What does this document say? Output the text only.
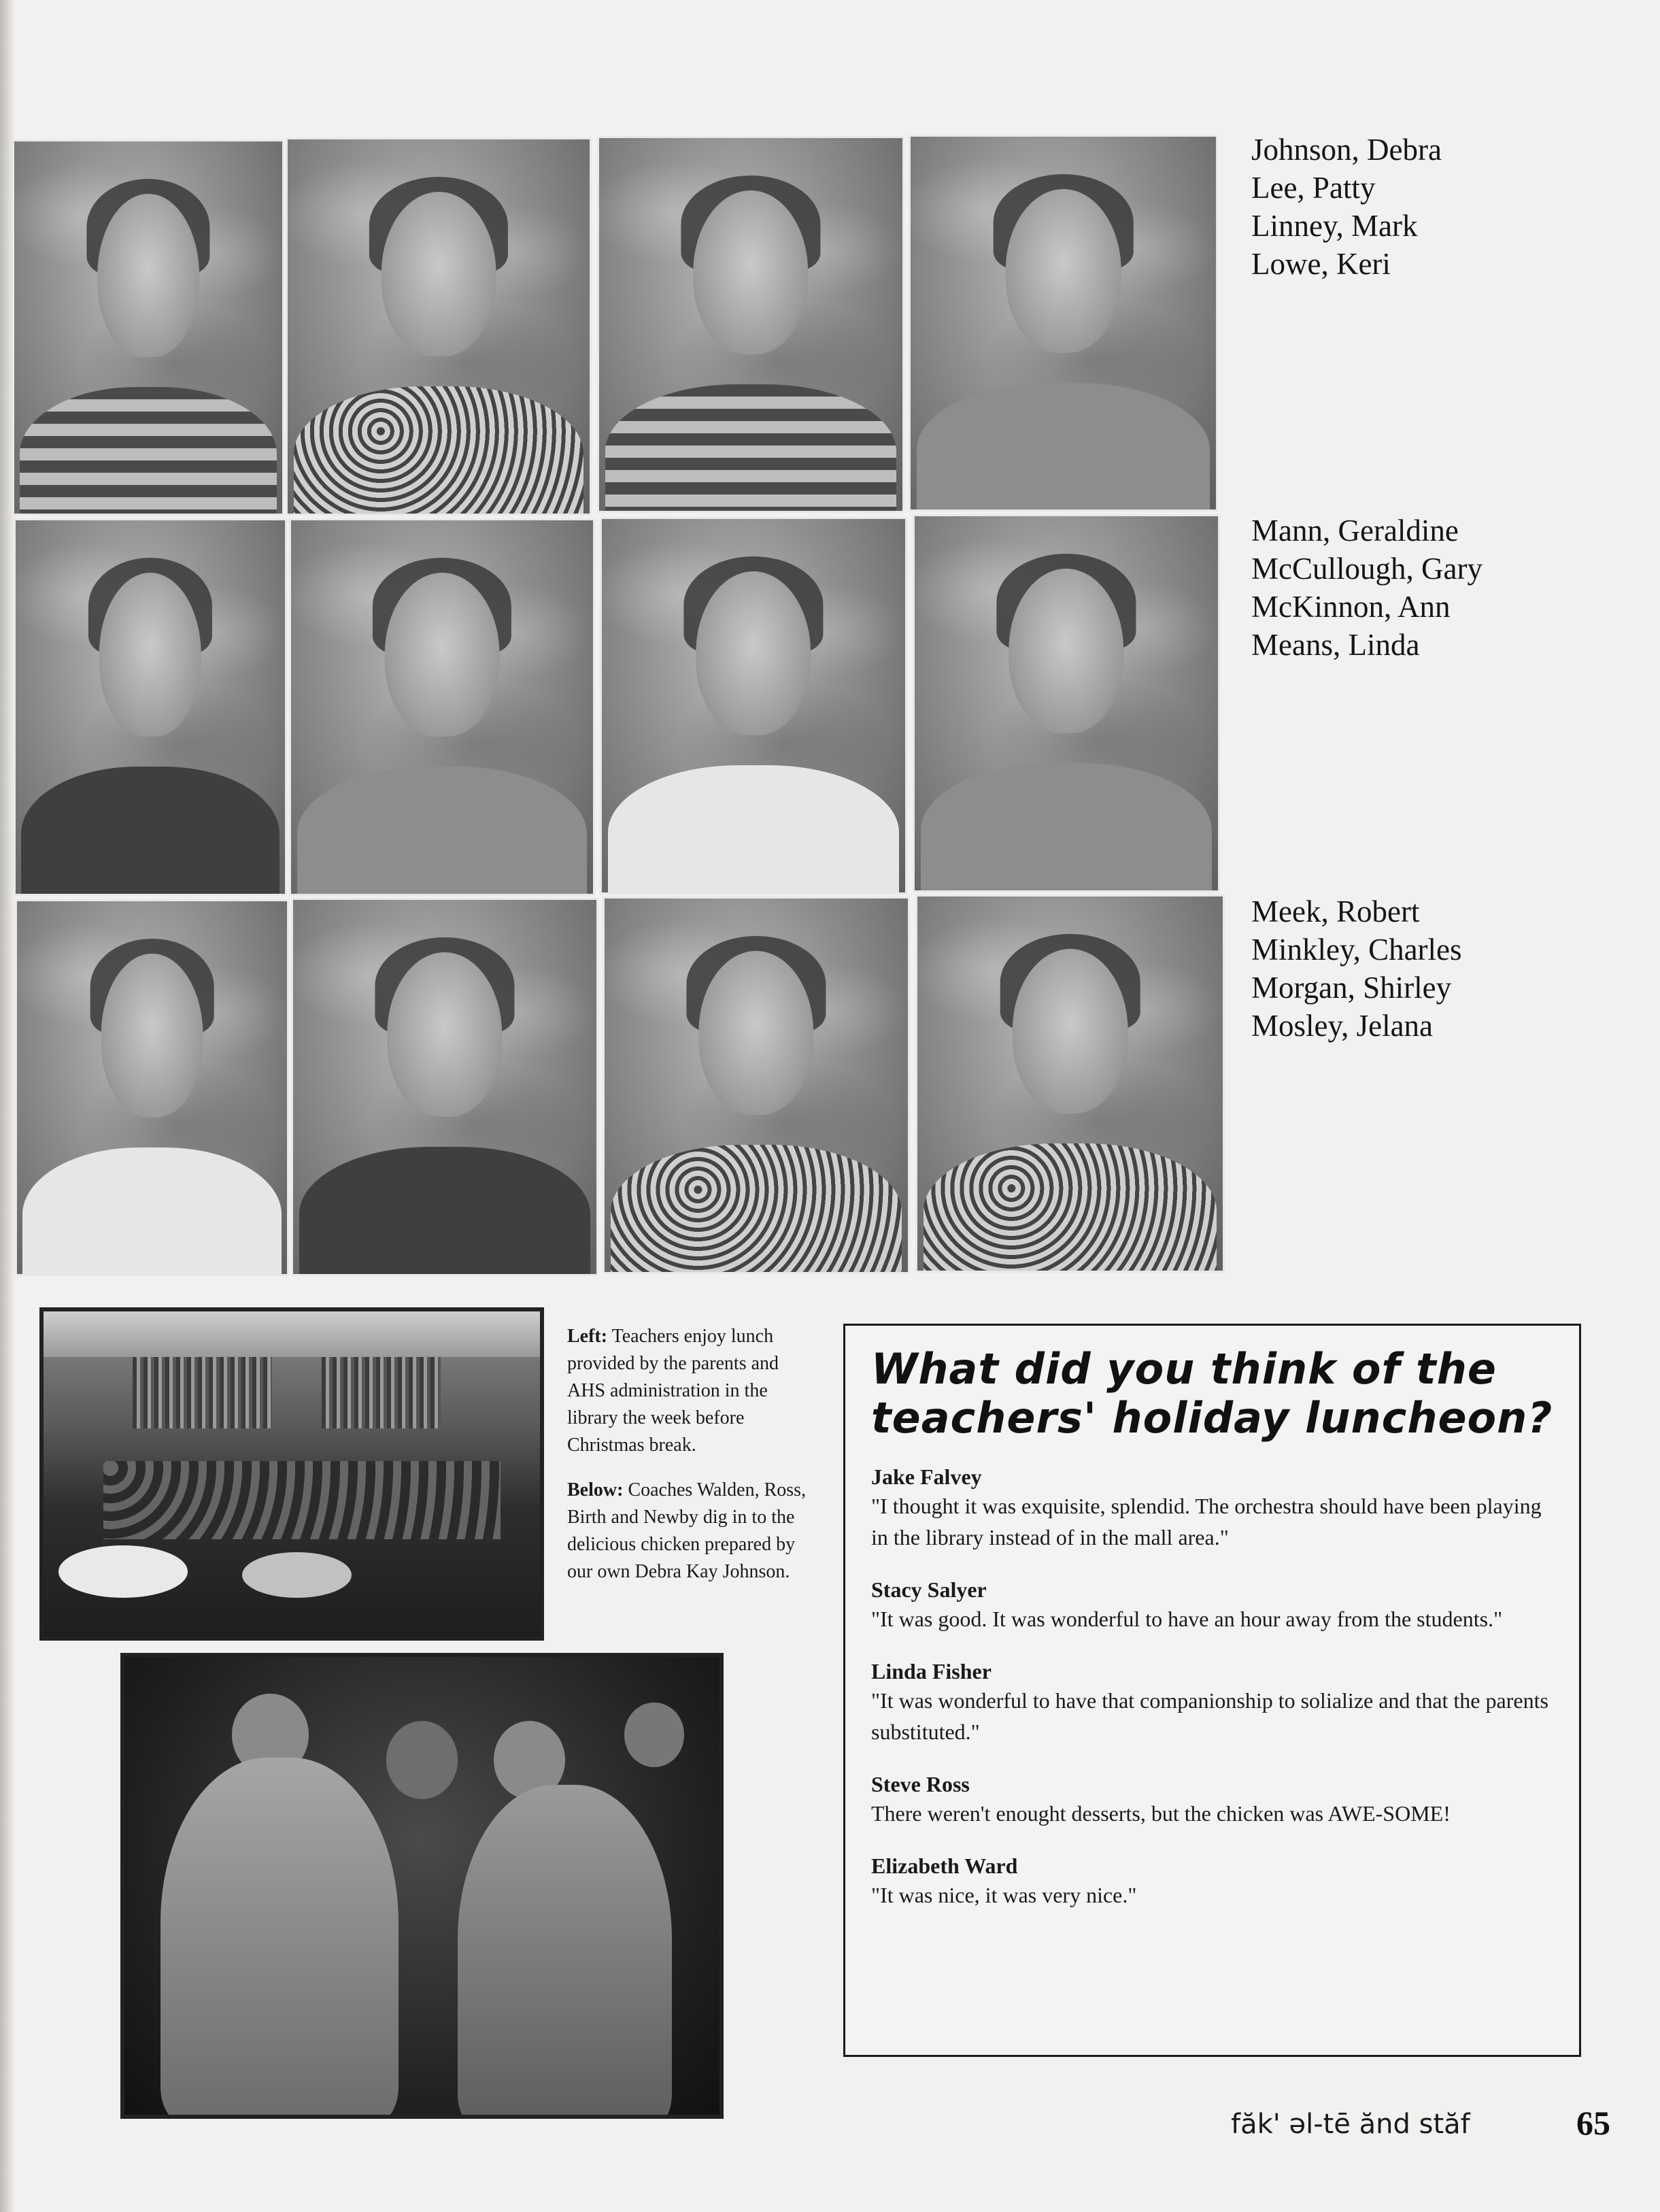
Johnson, Debra
Lee, Patty
Linney, Mark
Lowe, Keri
Mann, Geraldine
McCullough, Gary
McKinnon, Ann
Means, Linda
Meek, Robert
Minkley, Charles
Morgan, Shirley
Mosley, Jelana

Left: Teachers enjoy lunch provided by the parents and AHS administration in the library the week before Christmas break.

Below: Coaches Walden, Ross, Birth and Newby dig in to the delicious chicken prepared by our own Debra Kay Johnson.

What did you think of the teachers' holiday luncheon?
Jake Falvey
"I thought it was exquisite, splendid. The orchestra should have been playing in the library instead of in the mall area."
Stacy Salyer
"It was good. It was wonderful to have an hour away from the students."
Linda Fisher
"It was wonderful to have that companionship to solialize and that the parents substituted."
Steve Ross
There weren't enought desserts, but the chicken was AWE-SOME!
Elizabeth Ward
"It was nice, it was very nice."
făk' əl-tē ănd stăf	65
